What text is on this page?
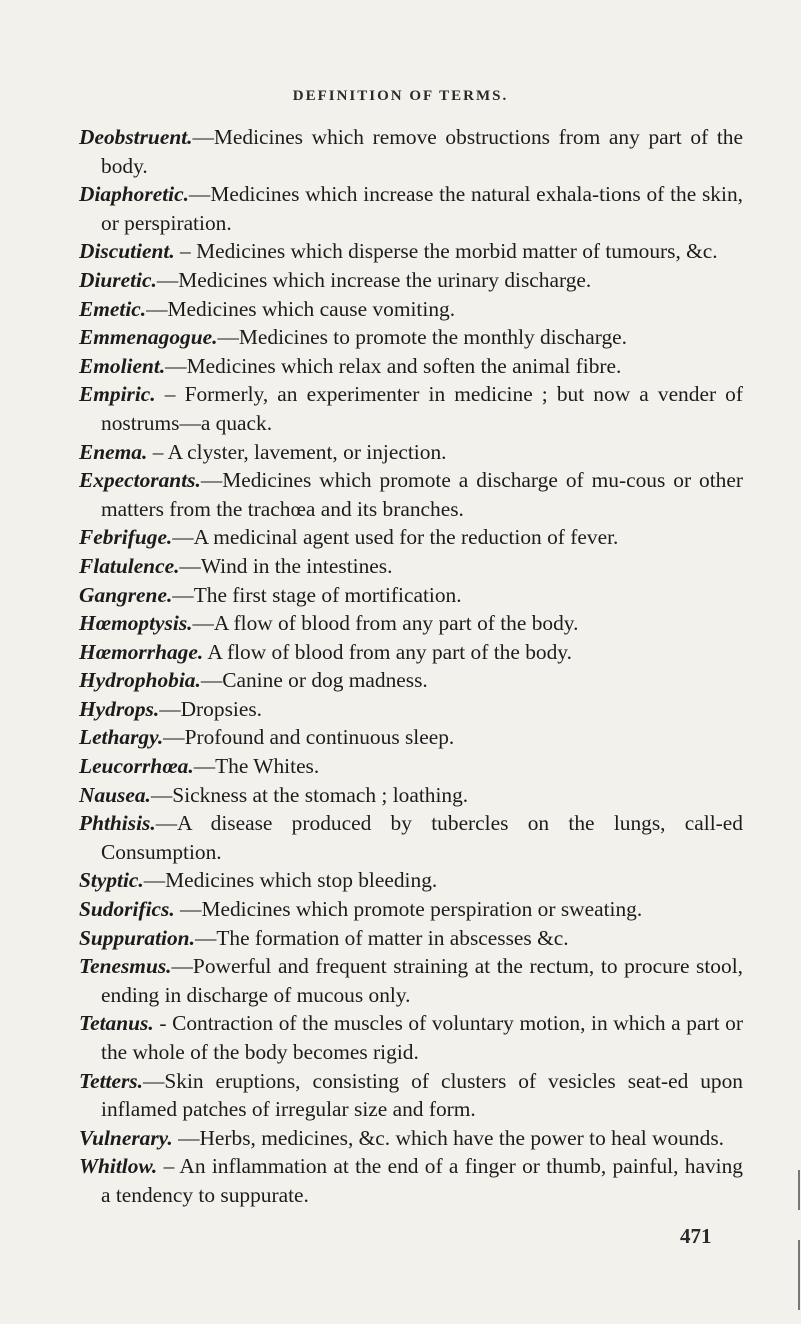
DEFINITION OF TERMS.

Deobstruent.—Medicines which remove obstructions from any part of the body.

Diaphoretic.—Medicines which increase the natural exhala-tions of the skin, or perspiration.

Discutient. – Medicines which disperse the morbid matter of tumours, &c.

Diuretic.—Medicines which increase the urinary discharge.

Emetic.—Medicines which cause vomiting.

Emmenagogue.—Medicines to promote the monthly discharge.

Emolient.—Medicines which relax and soften the animal fibre.

Empiric. – Formerly, an experimenter in medicine ; but now a vender of nostrums—a quack.

Enema. – A clyster, lavement, or injection.

Expectorants.—Medicines which promote a discharge of mu-cous or other matters from the trachœa and its branches.

Febrifuge.—A medicinal agent used for the reduction of fever.

Flatulence.—Wind in the intestines.

Gangrene.—The first stage of mortification.

Hœmoptysis.—A flow of blood from any part of the body.

Hœmorrhage. A flow of blood from any part of the body.

Hydrophobia.—Canine or dog madness.

Hydrops.—Dropsies.

Lethargy.—Profound and continuous sleep.

Leucorrhœa.—The Whites.

Nausea.—Sickness at the stomach ; loathing.

Phthisis.—A disease produced by tubercles on the lungs, call-ed Consumption.

Styptic.—Medicines which stop bleeding.

Sudorifics. —Medicines which promote perspiration or sweating.

Suppuration.—The formation of matter in abscesses &c.

Tenesmus.—Powerful and frequent straining at the rectum, to procure stool, ending in discharge of mucous only.

Tetanus. - Contraction of the muscles of voluntary motion, in which a part or the whole of the body becomes rigid.

Tetters.—Skin eruptions, consisting of clusters of vesicles seat-ed upon inflamed patches of irregular size and form.

Vulnerary. —Herbs, medicines, &c. which have the power to heal wounds.

Whitlow. – An inflammation at the end of a finger or thumb, painful, having a tendency to suppurate.

471
